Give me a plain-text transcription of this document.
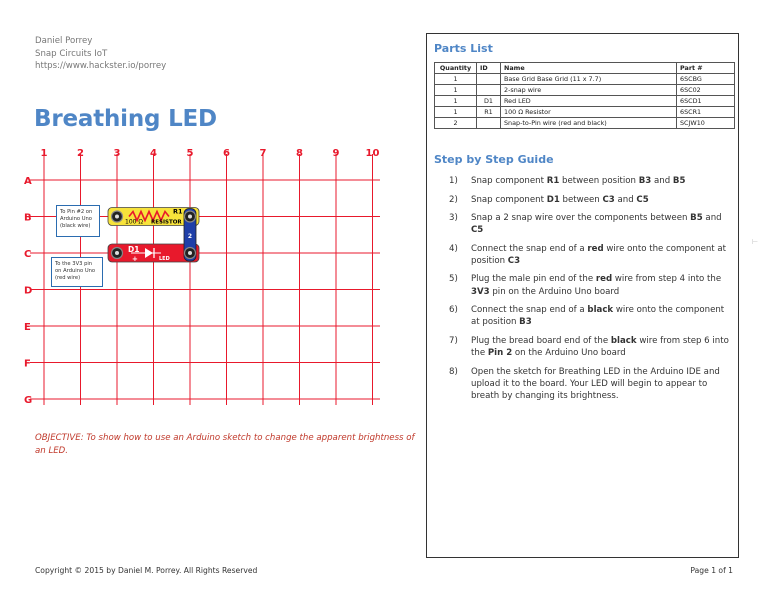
Daniel Porrey
Snap Circuits IoT
https://www.hackster.io/porrey
Breathing LED
1	2	3	4	5	6	7	8	9	10
A
B
C
D
E
F
G
100 Ω RESISTOR
R1
D1
+	LED
2
To Pin #2 on Arduino Uno (black wire)
To the 3V3 pin on Arduino Uno (red wire)
OBJECTIVE: To show how to use an Arduino sketch to change the apparent brightness of an LED.
Copyright © 2015 by Daniel M. Porrey. All Rights Reserved	Page 1 of 1
Parts List
Quantity	ID	Name	Part #
1		Base Grid Base Grid (11 x 7.7)	6SCBG
1		2-snap wire	6SC02
1	D1	Red LED	6SCD1
1	R1	100 Ω Resistor	6SCR1
2		Snap-to-Pin wire (red and black)	SCJW10
Step by Step Guide
1) Snap component R1 between position B3 and B5
2) Snap component D1 between C3 and C5
3) Snap a 2 snap wire over the components between B5 and C5
4) Connect the snap end of a red wire onto the component at position C3
5) Plug the male pin end of the red wire from step 4 into the 3V3 pin on the Arduino Uno board
6) Connect the snap end of a black wire onto the component at position B3
7) Plug the bread board end of the black wire from step 6 into the Pin 2 on the Arduino Uno board
8) Open the sketch for Breathing LED in the Arduino IDE and upload it to the board. Your LED will begin to appear to breath by changing its brightness.
⊢
